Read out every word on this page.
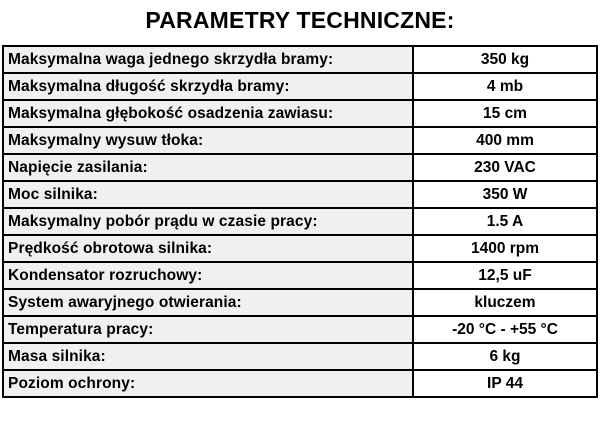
PARAMETRY TECHNICZNE:
Maksymalna waga jednego skrzydła bramy:	350 kg
Maksymalna długość skrzydła bramy:	4 mb
Maksymalna głębokość osadzenia zawiasu:	15 cm
Maksymalny wysuw tłoka:	400 mm
Napięcie zasilania:	230 VAC
Moc silnika:	350 W
Maksymalny pobór prądu w czasie pracy:	1.5 A
Prędkość obrotowa silnika:	1400 rpm
Kondensator rozruchowy:	12,5 uF
System awaryjnego otwierania:	kluczem
Temperatura pracy:	-20 °C - +55 °C
Masa silnika:	6 kg
Poziom ochrony:	IP 44
